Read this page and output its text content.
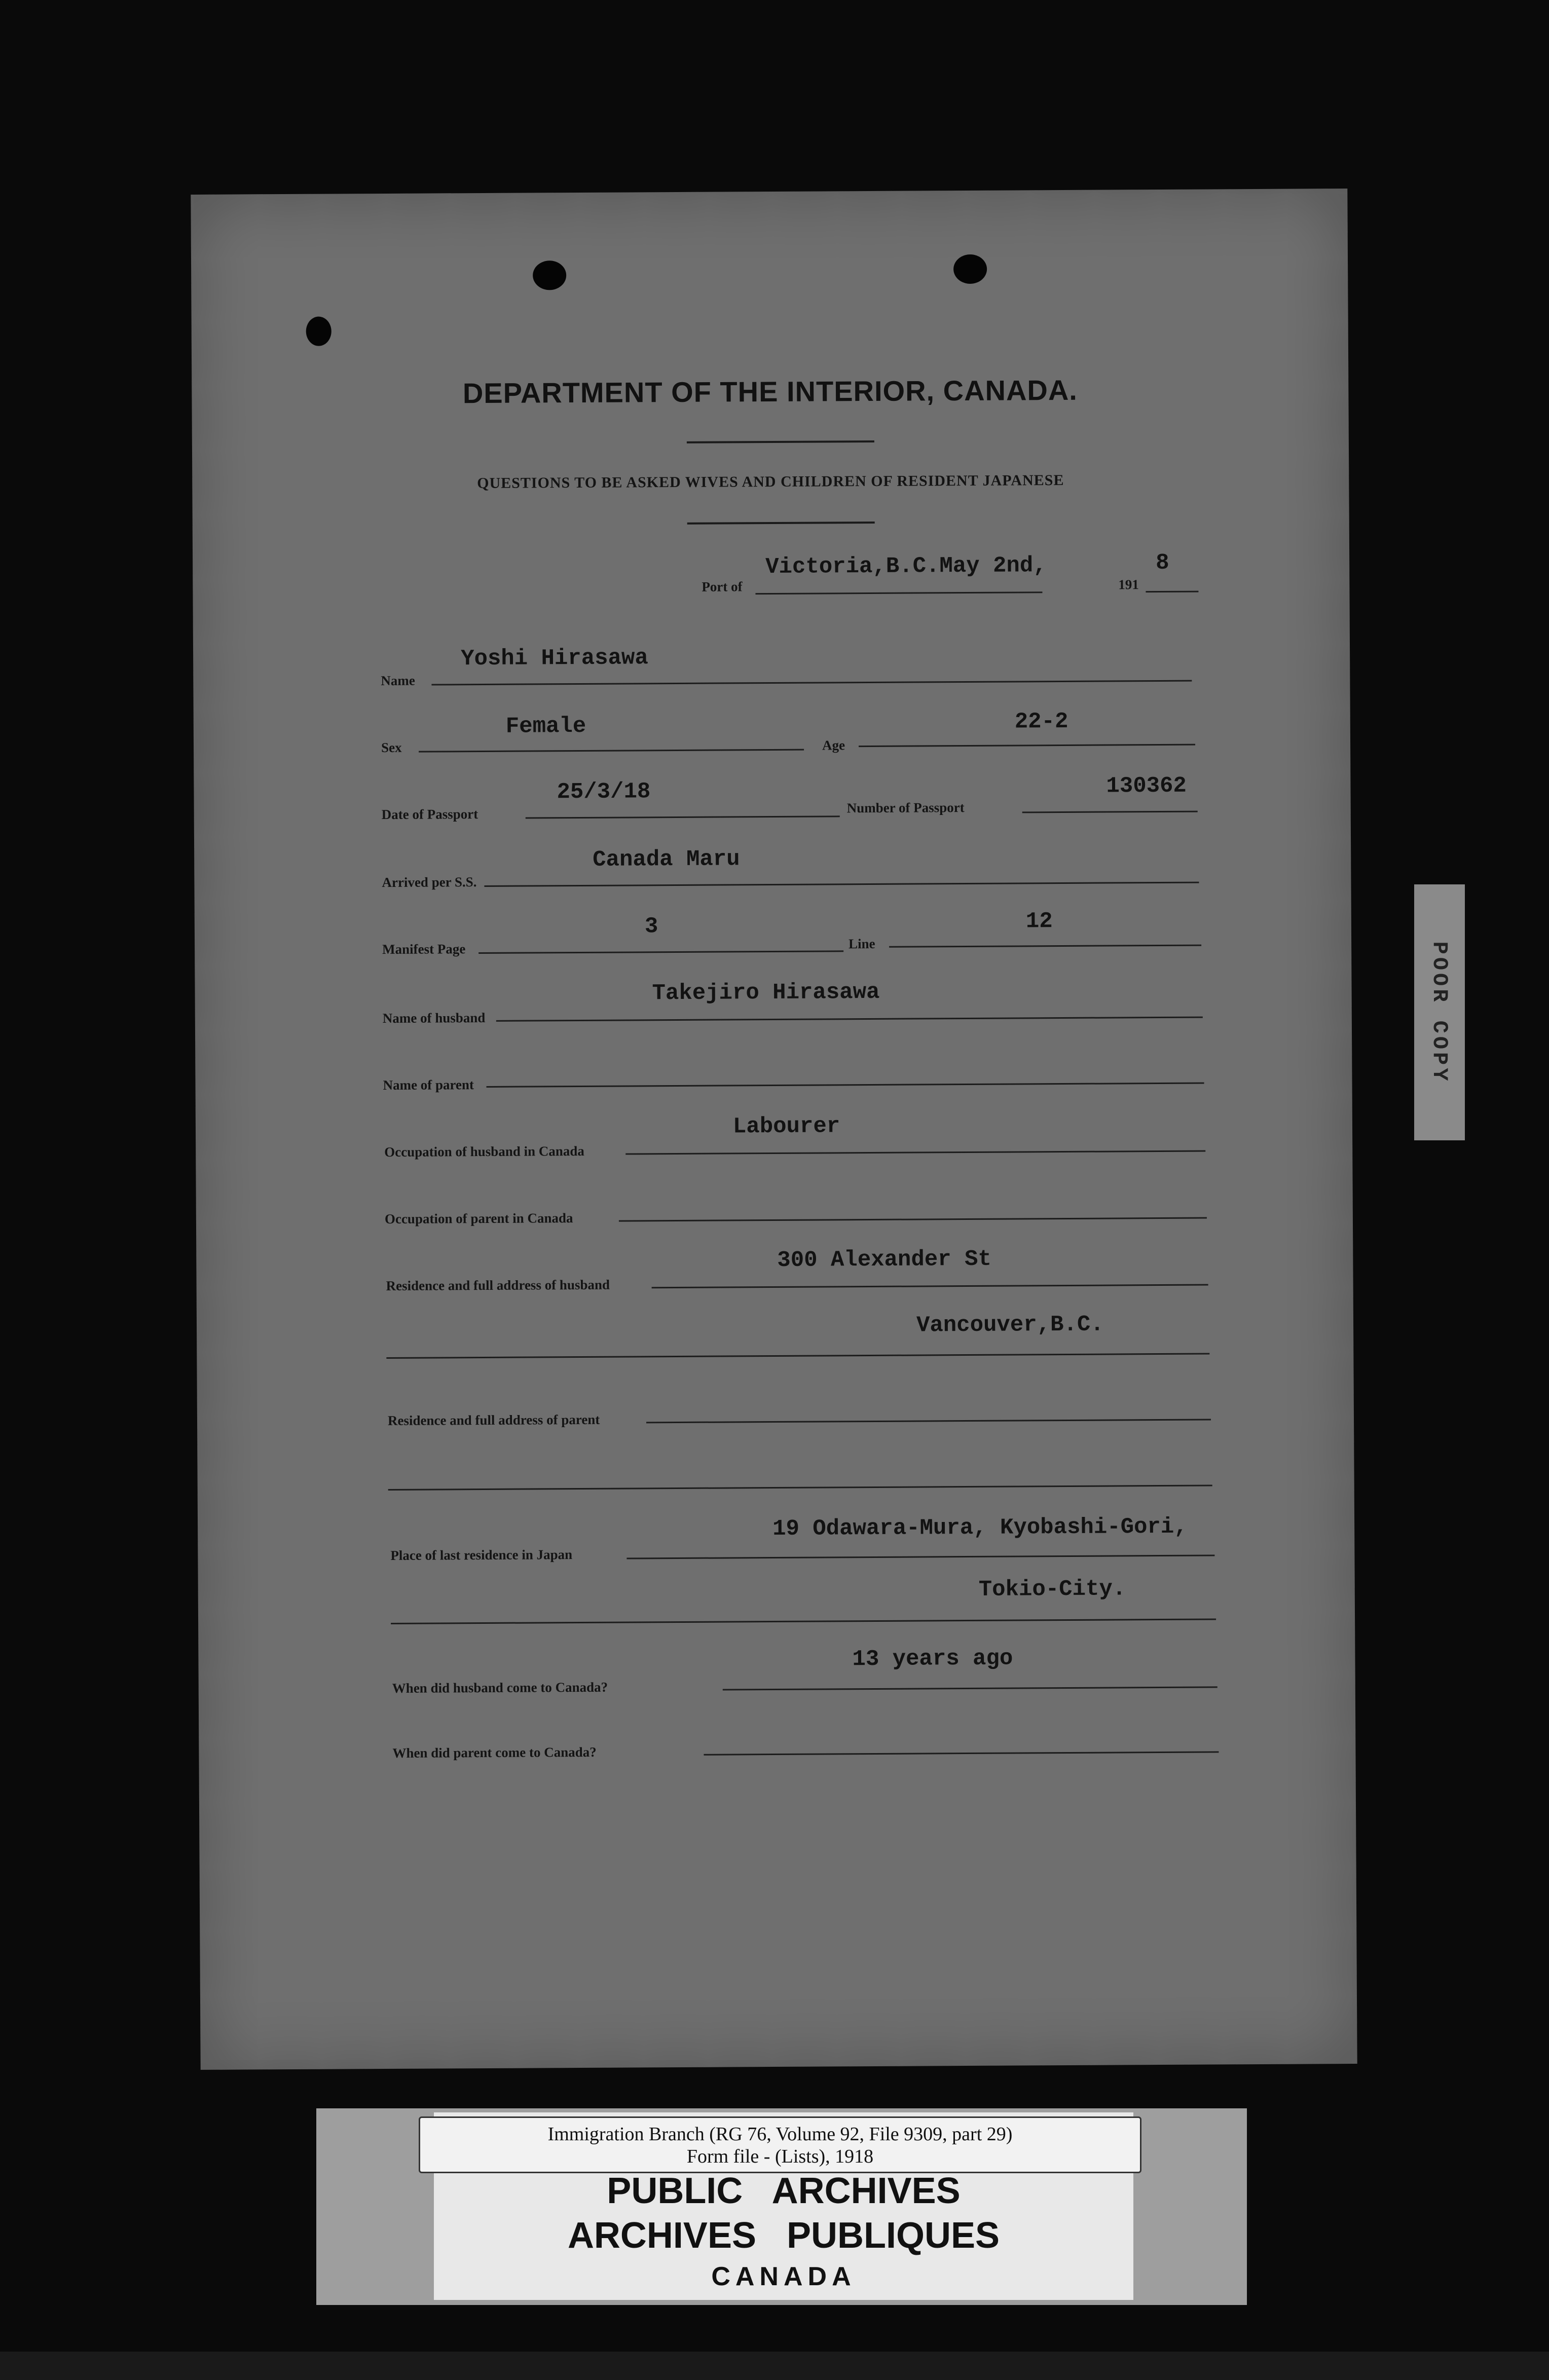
DEPARTMENT OF THE INTERIOR, CANADA.
QUESTIONS TO BE ASKED WIVES AND CHILDREN OF RESIDENT JAPANESE
Port of
Victoria,B.C.May 2nd,
191
8
Name
Yoshi Hirasawa
Sex
Female
Age
22-2
Date of Passport
25/3/18
Number of Passport
130362
Arrived per S.S.
Canada Maru
Manifest Page
3
Line
12
Name of husband
Takejiro Hirasawa
Name of parent
Occupation of husband in Canada
Labourer
Occupation of parent in Canada
Residence and full address of husband
300 Alexander St
Vancouver,B.C.
Residence and full address of parent
Place of last residence in Japan
19 Odawara-Mura, Kyobashi-Gori,
Tokio-City.
When did husband come to Canada?
13 years ago
When did parent come to Canada?
POOR COPY
Immigration Branch (RG 76, Volume 92, File 9309, part 29)
Form file - (Lists), 1918
PUBLIC   ARCHIVES
ARCHIVES   PUBLIQUES
CANADA
